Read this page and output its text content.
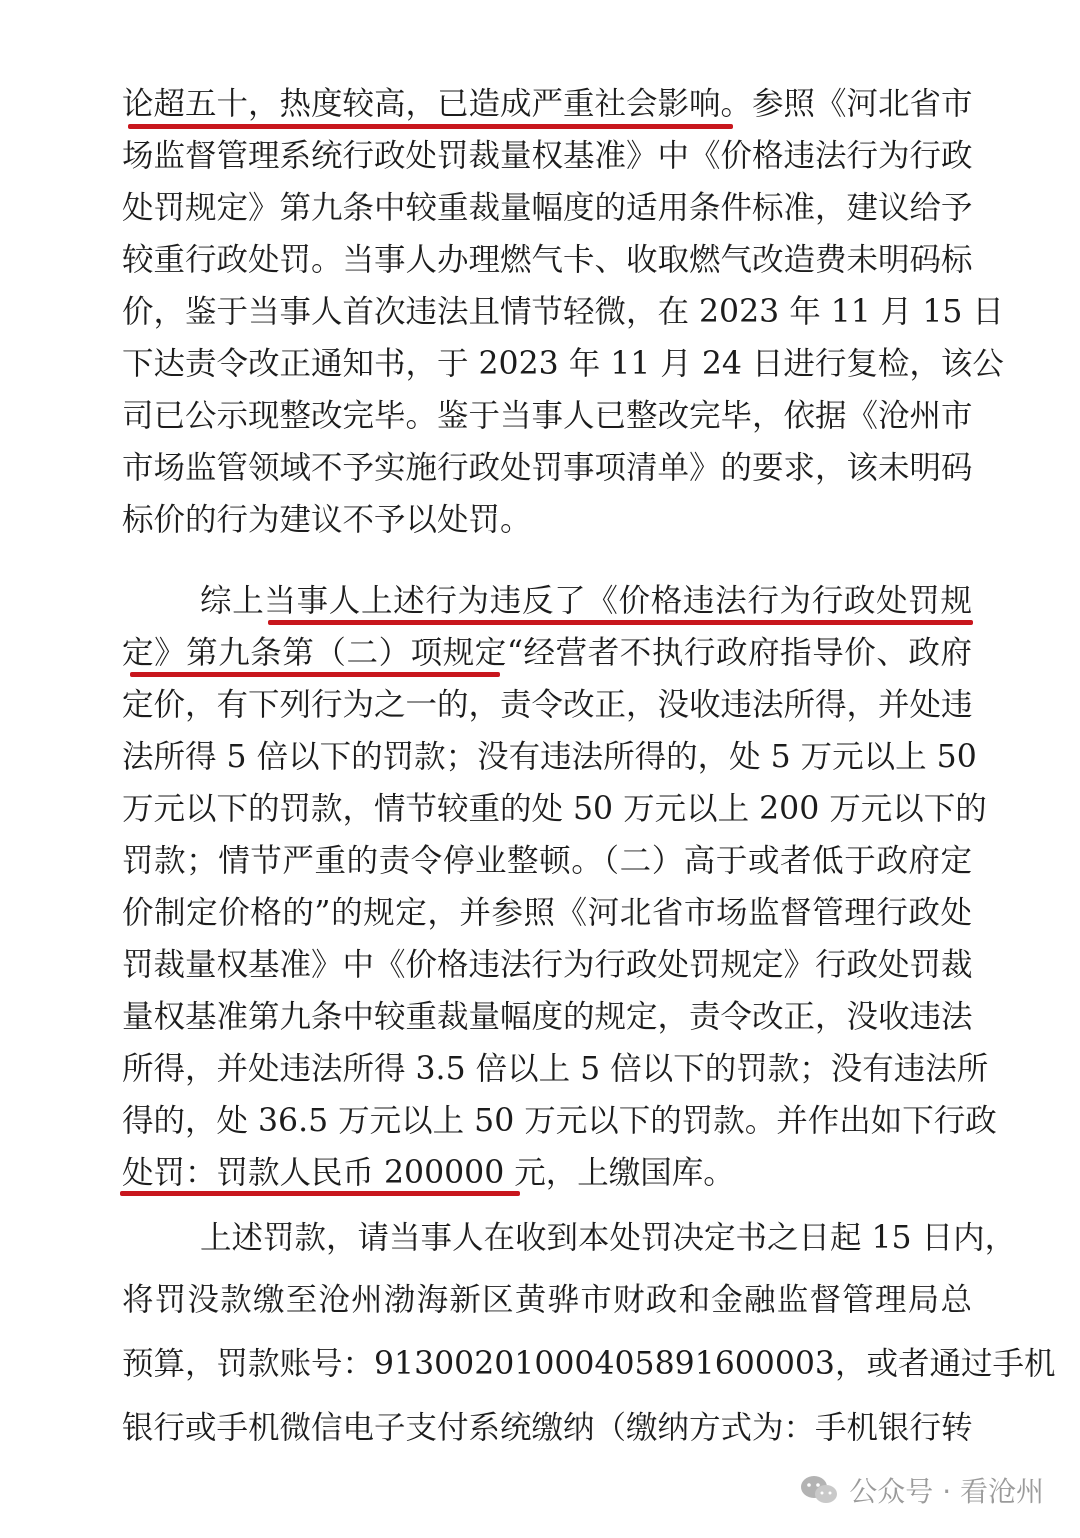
论超五十，热度较高，已造成严重社会影响。参照《河北省市
场监督管理系统行政处罚裁量权基准》中《价格违法行为行政
处罚规定》第九条中较重裁量幅度的适用条件标准，建议给予
较重行政处罚。当事人办理燃气卡、收取燃气改造费未明码标
价，鉴于当事人首次违法且情节轻微，在 2023 年 11 月 15 日
下达责令改正通知书，于 2023 年 11 月 24 日进行复检，该公
司已公示现整改完毕。鉴于当事人已整改完毕，依据《沧州市
市场监管领域不予实施行政处罚事项清单》的要求，该未明码
标价的行为建议不予以处罚。
综上当事人上述行为违反了《价格违法行为行政处罚规
定》第九条第（二）项规定“经营者不执行政府指导价、政府
定价，有下列行为之一的，责令改正，没收违法所得，并处违
法所得 5 倍以下的罚款；没有违法所得的，处 5 万元以上 50
万元以下的罚款，情节较重的处 50 万元以上 200 万元以下的
罚款；情节严重的责令停业整顿。（二）高于或者低于政府定
价制定价格的”的规定，并参照《河北省市场监督管理行政处
罚裁量权基准》中《价格违法行为行政处罚规定》行政处罚裁
量权基准第九条中较重裁量幅度的规定，责令改正，没收违法
所得，并处违法所得 3.5 倍以上 5 倍以下的罚款；没有违法所
得的，处 36.5 万元以上 50 万元以下的罚款。并作出如下行政
处罚：罚款人民币 200000 元，上缴国库。
上述罚款，请当事人在收到本处罚决定书之日起 15 日内，
将罚没款缴至沧州渤海新区黄骅市财政和金融监督管理局总
预算，罚款账号：91300201000405891600003，或者通过手机
银行或手机微信电子支付系统缴纳（缴纳方式为：手机银行转
公众号 · 看沧州
